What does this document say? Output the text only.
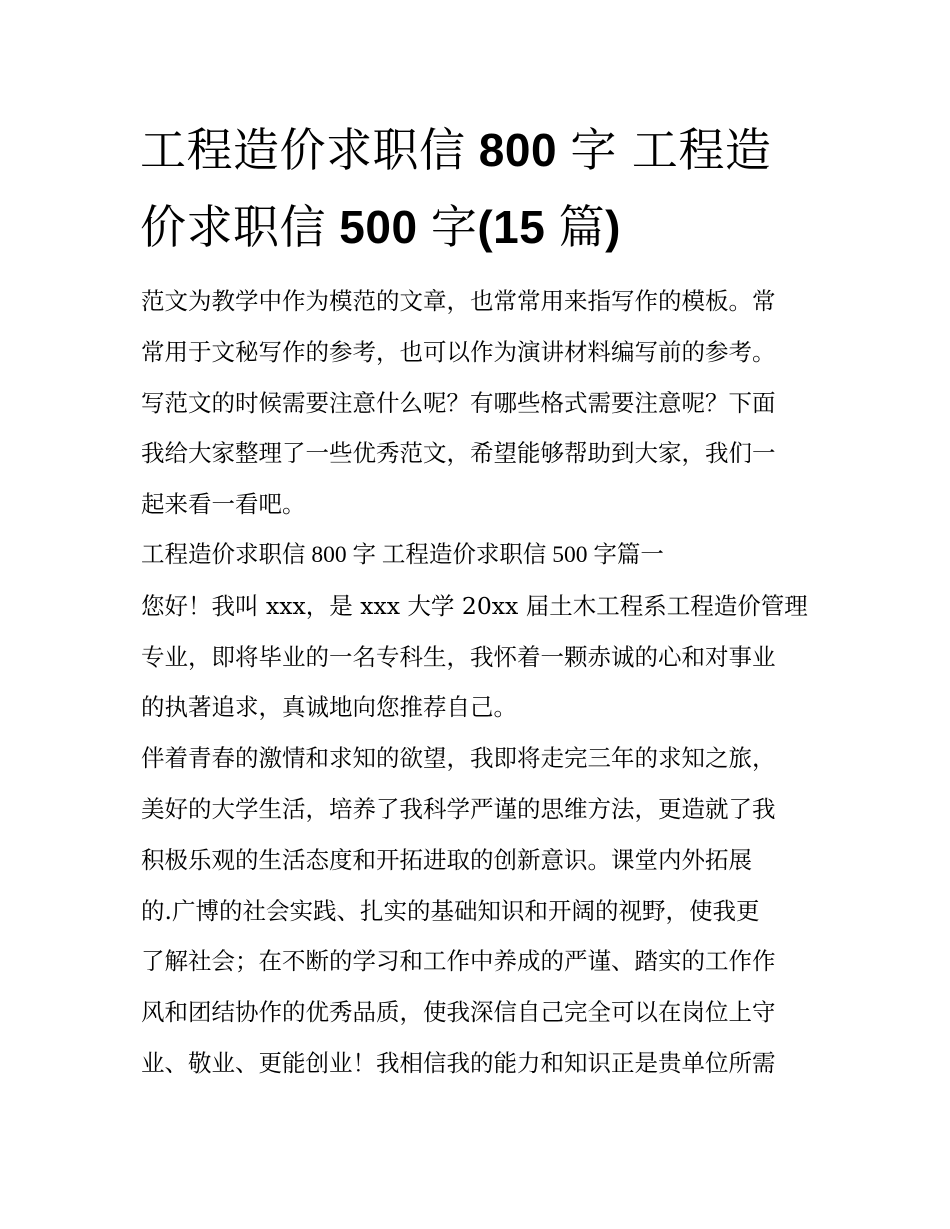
工程造价求职信 800 字 工程造
价求职信 500 字(15 篇)
范文为教学中作为模范的文章，也常常用来指写作的模板。常
常用于文秘写作的参考，也可以作为演讲材料编写前的参考。
写范文的时候需要注意什么呢？有哪些格式需要注意呢？下面
我给大家整理了一些优秀范文，希望能够帮助到大家，我们一
起来看一看吧。
工程造价求职信 800 字 工程造价求职信 500 字篇一
您好！我叫 xxx，是 xxx 大学 20xx 届土木工程系工程造价管理
专业，即将毕业的一名专科生，我怀着一颗赤诚的心和对事业
的执著追求，真诚地向您推荐自己。
伴着青春的激情和求知的欲望，我即将走完三年的求知之旅，
美好的大学生活，培养了我科学严谨的思维方法，更造就了我
积极乐观的生活态度和开拓进取的创新意识。课堂内外拓展
的.广博的社会实践、扎实的基础知识和开阔的视野，使我更
了解社会；在不断的学习和工作中养成的严谨、踏实的工作作
风和团结协作的优秀品质，使我深信自己完全可以在岗位上守
业、敬业、更能创业！我相信我的能力和知识正是贵单位所需
